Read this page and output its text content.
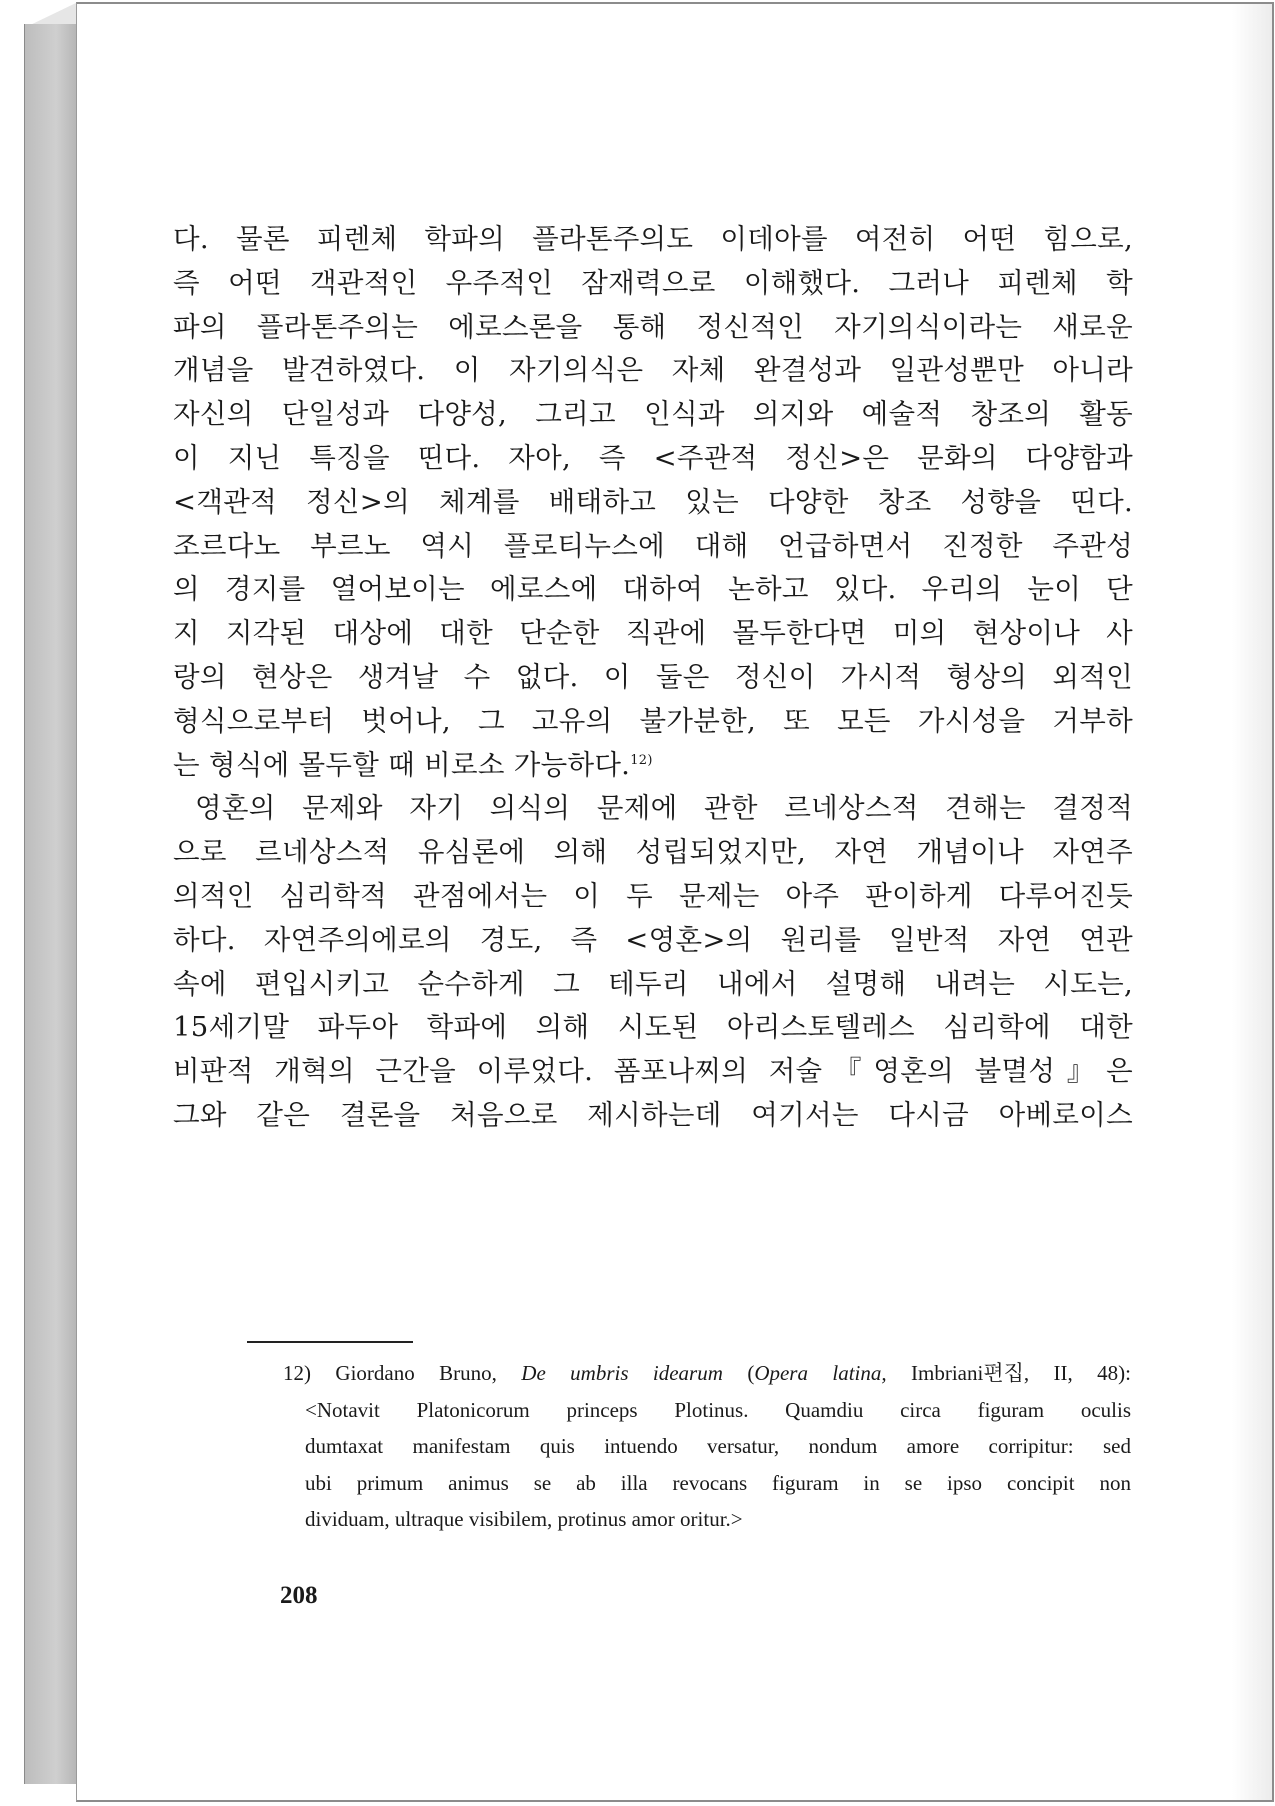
다. 물론 피렌체 학파의 플라톤주의도 이데아를 여전히 어떤 힘으로,
즉 어떤 객관적인 우주적인 잠재력으로 이해했다. 그러나 피렌체 학
파의 플라톤주의는 에로스론을 통해 정신적인 자기의식이라는 새로운
개념을 발견하였다. 이 자기의식은 자체 완결성과 일관성뿐만 아니라
자신의 단일성과 다양성, 그리고 인식과 의지와 예술적 창조의 활동
이 지닌 특징을 띤다. 자아, 즉 <주관적 정신>은 문화의 다양함과
<객관적 정신>의 체계를 배태하고 있는 다양한 창조 성향을 띤다.
조르다노 부르노 역시 플로티누스에 대해 언급하면서 진정한 주관성
의 경지를 열어보이는 에로스에 대하여 논하고 있다. 우리의 눈이 단
지 지각된 대상에 대한 단순한 직관에 몰두한다면 미의 현상이나 사
랑의 현상은 생겨날 수 없다. 이 둘은 정신이 가시적 형상의 외적인
형식으로부터 벗어나, 그 고유의 불가분한, 또 모든 가시성을 거부하
는 형식에 몰두할 때 비로소 가능하다.$^{12)}$
영혼의 문제와 자기 의식의 문제에 관한 르네상스적 견해는 결정적
으로 르네상스적 유심론에 의해 성립되었지만, 자연 개념이나 자연주
의적인 심리학적 관점에서는 이 두 문제는 아주 판이하게 다루어진듯
하다. 자연주의에로의 경도, 즉 <영혼>의 원리를 일반적 자연 연관
속에 편입시키고 순수하게 그 테두리 내에서 설명해 내려는 시도는,
15세기말 파두아 학파에 의해 시도된 아리스토텔레스 심리학에 대한
비판적 개혁의 근간을 이루었다. 폼포나찌의 저술『영혼의 불멸성』은
그와 같은 결론을 처음으로 제시하는데 여기서는 다시금 아베로이스
12) Giordano Bruno, De umbris idearum (Opera latina, Imbriani편집, II, 48):
<Notavit Platonicorum princeps Plotinus. Quamdiu circa figuram oculis
dumtaxat manifestam quis intuendo versatur, nondum amore corripitur: sed
ubi primum animus se ab illa revocans figuram in se ipso concipit non
dividuam, ultraque visibilem, protinus amor oritur.>
208
